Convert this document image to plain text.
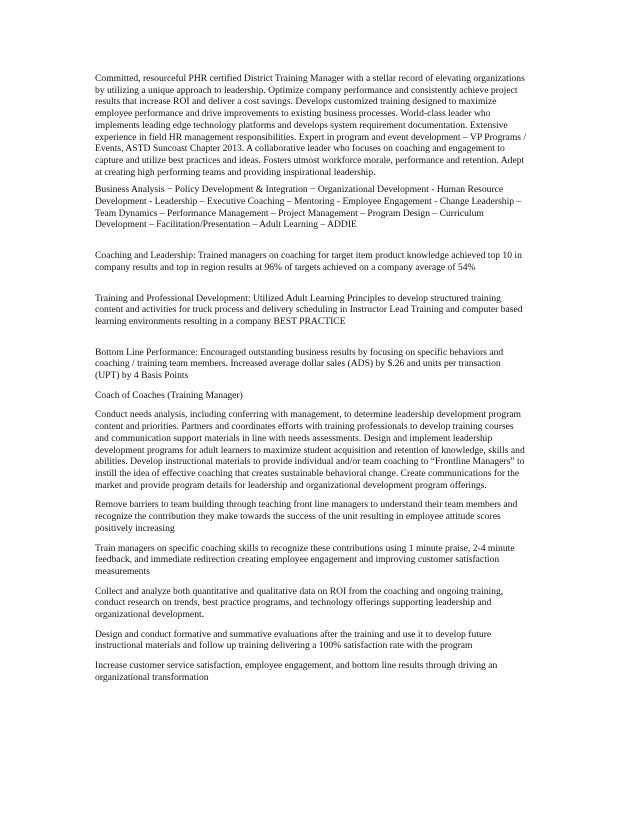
Committed, resourceful PHR certified District Training Manager with a stellar record of elevating organizations
by utilizing a unique approach to leadership. Optimize company performance and consistently achieve project
results that increase ROI and deliver a cost savings. Develops customized training designed to maximize
employee performance and drive improvements to existing business processes. World-class leader who
implements leading edge technology platforms and develops system requirement documentation. Extensive
experience in field HR management responsibilities. Expert in program and event development – VP Programs /
Events, ASTD Suncoast Chapter 2013. A collaborative leader who focuses on coaching and engagement to
capture and utilize best practices and ideas. Fosters utmost workforce morale, performance and retention. Adept
at creating high performing teams and providing inspirational leadership.

Business Analysis − Policy Development & Integration − Organizational Development - Human Resource
Development - Leadership – Executive Coaching – Mentoring - Employee Engagement - Change Leadership –
Team Dynamics – Performance Management – Project Management – Program Design – Curriculum
Development – Facilitation/Presentation – Adult Learning – ADDIE

Coaching and Leadership: Trained managers on coaching for target item product knowledge achieved top 10 in
company results and top in region results at 96% of targets achieved on a company average of 54%

Training and Professional Development: Utilized Adult Learning Principles to develop structured training
content and activities for truck process and delivery scheduling in Instructor Lead Training and computer based
learning environments resulting in a company BEST PRACTICE

Bottom Line Performance: Encouraged outstanding business results by focusing on specific behaviors and
coaching / training team members. Increased average dollar sales (ADS) by $.26 and units per transaction
(UPT) by 4 Basis Points

Coach of Coaches (Training Manager)

Conduct needs analysis, including conferring with management, to determine leadership development program
content and priorities. Partners and coordinates efforts with training professionals to develop training courses
and communication support materials in line with needs assessments. Design and implement leadership
development programs for adult learners to maximize student acquisition and retention of knowledge, skills and
abilities. Develop instructional materials to provide individual and/or team coaching to “Frontline Managers” to
instill the idea of effective coaching that creates sustainable behavioral change. Create communications for the
market and provide program details for leadership and organizational development program offerings.

Remove barriers to team building through teaching front line managers to understand their team members and
recognize the contribution they make towards the success of the unit resulting in employee attitude scores
positively increasing

Train managers on specific coaching skills to recognize these contributions using 1 minute praise, 2-4 minute
feedback, and immediate redirection creating employee engagement and improving customer satisfaction
measurements

Collect and analyze both quantitative and qualitative data on ROI from the coaching and ongoing training,
conduct research on trends, best practice programs, and technology offerings supporting leadership and
organizational development.

Design and conduct formative and summative evaluations after the training and use it to develop future
instructional materials and follow up training delivering a 100% satisfaction rate with the program

Increase customer service satisfaction, employee engagement, and bottom line results through driving an
organizational transformation
